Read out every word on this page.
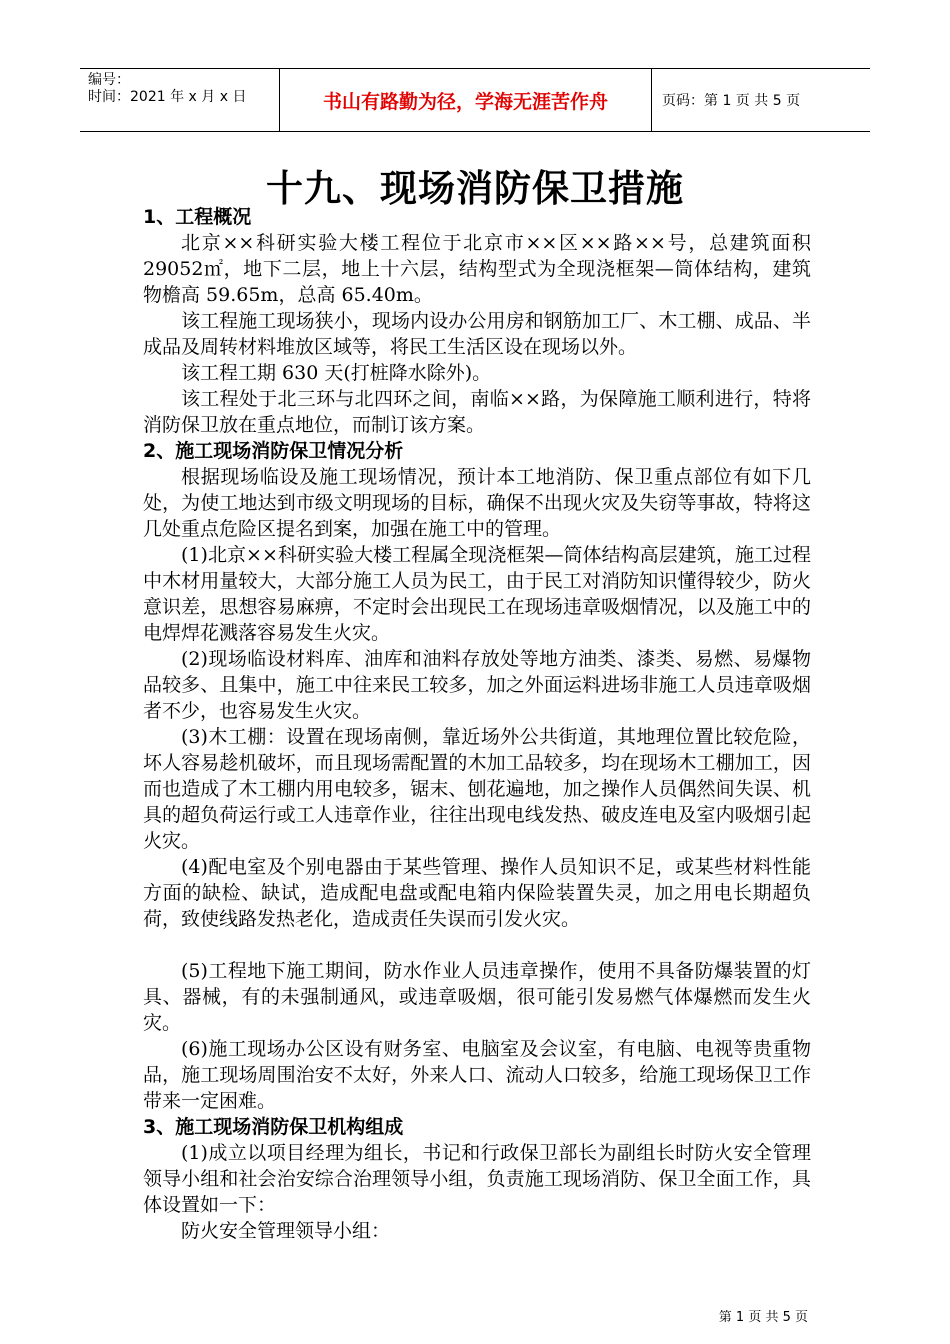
编号：
时间：2021 年 x 月 x 日	书山有路勤为径，学海无涯苦作舟	页码：第 1 页 共 5 页
十九、现场消防保卫措施
1、工程概况

北京××科研实验大楼工程位于北京市××区××路××号，总建筑面积 29052㎡，地下二层，地上十六层，结构型式为全现浇框架—筒体结构，建筑物檐高 59.65m，总高 65.40m。

该工程施工现场狭小，现场内设办公用房和钢筋加工厂、木工棚、成品、半成品及周转材料堆放区域等，将民工生活区设在现场以外。

该工程工期 630 天(打桩降水除外)。

该工程处于北三环与北四环之间，南临××路，为保障施工顺利进行，特将消防保卫放在重点地位，而制订该方案。

2、施工现场消防保卫情况分析

根据现场临设及施工现场情况，预计本工地消防、保卫重点部位有如下几处，为使工地达到市级文明现场的目标，确保不出现火灾及失窃等事故，特将这几处重点危险区提名到案，加强在施工中的管理。

(1)北京××科研实验大楼工程属全现浇框架—筒体结构高层建筑，施工过程中木材用量较大，大部分施工人员为民工，由于民工对消防知识懂得较少，防火意识差，思想容易麻痹，不定时会出现民工在现场违章吸烟情况，以及施工中的电焊焊花溅落容易发生火灾。

(2)现场临设材料库、油库和油料存放处等地方油类、漆类、易燃、易爆物品较多、且集中，施工中往来民工较多，加之外面运料进场非施工人员违章吸烟者不少，也容易发生火灾。

(3)木工棚：设置在现场南侧，靠近场外公共街道，其地理位置比较危险，坏人容易趁机破坏，而且现场需配置的木加工品较多，均在现场木工棚加工，因而也造成了木工棚内用电较多，锯末、刨花遍地，加之操作人员偶然间失误、机具的超负荷运行或工人违章作业，往往出现电线发热、破皮连电及室内吸烟引起火灾。

(4)配电室及个别电器由于某些管理、操作人员知识不足，或某些材料性能方面的缺检、缺试，造成配电盘或配电箱内保险装置失灵，加之用电长期超负荷，致使线路发热老化，造成责任失误而引发火灾。

(5)工程地下施工期间，防水作业人员违章操作，使用不具备防爆装置的灯具、器械，有的未强制通风，或违章吸烟，很可能引发易燃气体爆燃而发生火灾。

(6)施工现场办公区设有财务室、电脑室及会议室，有电脑、电视等贵重物品，施工现场周围治安不太好，外来人口、流动人口较多，给施工现场保卫工作带来一定困难。

3、施工现场消防保卫机构组成

(1)成立以项目经理为组长，书记和行政保卫部长为副组长时防火安全管理领导小组和社会治安综合治理领导小组，负责施工现场消防、保卫全面工作，具体设置如一下：

防火安全管理领导小组：

第 1 页 共 5 页
